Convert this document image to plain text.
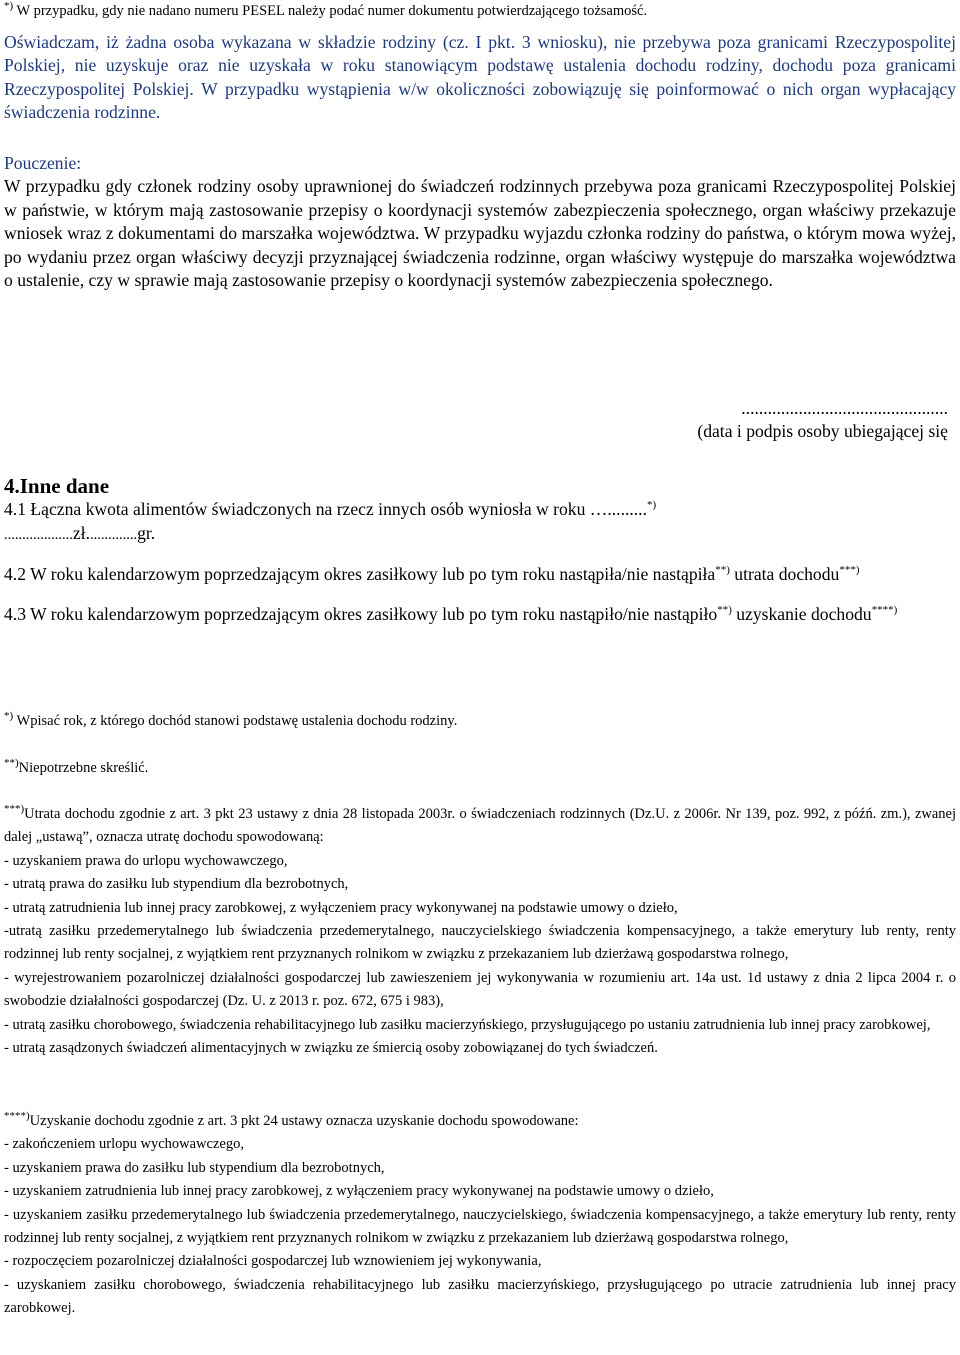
*) W przypadku, gdy nie nadano numeru PESEL należy podać numer dokumentu potwierdzającego tożsamość.
Oświadczam, iż żadna osoba wykazana w składzie rodziny (cz. I pkt. 3 wniosku), nie przebywa poza granicami Rzeczypospolitej Polskiej, nie uzyskuje oraz nie uzyskała w roku stanowiącym podstawę ustalenia dochodu rodziny, dochodu poza granicami Rzeczypospolitej Polskiej. W przypadku wystąpienia w/w okoliczności zobowiązuję się poinformować o nich organ wypłacający świadczenia rodzinne.
Pouczenie:
W przypadku gdy członek rodziny osoby uprawnionej do świadczeń rodzinnych przebywa poza granicami Rzeczypospolitej Polskiej w państwie, w którym mają zastosowanie przepisy o koordynacji systemów zabezpieczenia społecznego, organ właściwy przekazuje wniosek wraz z dokumentami do marszałka województwa. W przypadku wyjazdu członka rodziny do państwa, o którym mowa wyżej, po wydaniu przez organ właściwy decyzji przyznającej świadczenia rodzinne, organ właściwy występuje do marszałka województwa o ustalenie, czy w sprawie mają zastosowanie przepisy o koordynacji systemów zabezpieczenia społecznego.
...............................................
(data i podpis osoby ubiegającej się
4.Inne dane
4.1 Łączna kwota alimentów świadczonych na rzecz innych osób wyniosła w roku ….........*)
...................zł..............gr.
4.2 W roku kalendarzowym poprzedzającym okres zasiłkowy lub po tym roku nastąpiła/nie nastąpiła**) utrata dochodu***)
4.3 W roku kalendarzowym poprzedzającym okres zasiłkowy lub po tym roku nastąpiło/nie nastąpiło**) uzyskanie dochodu****)
*) Wpisać rok, z którego dochód stanowi podstawę ustalenia dochodu rodziny.
**)Niepotrzebne skreślić.
***)Utrata dochodu zgodnie z art. 3 pkt 23 ustawy z dnia 28 listopada 2003r. o świadczeniach rodzinnych (Dz.U. z 2006r. Nr 139, poz. 992, z późń. zm.), zwanej dalej „ustawą”, oznacza utratę dochodu spowodowaną:
- uzyskaniem prawa do urlopu wychowawczego,
- utratą prawa do zasiłku lub stypendium dla bezrobotnych,
- utratą zatrudnienia lub innej pracy zarobkowej, z wyłączeniem pracy wykonywanej na podstawie umowy o dzieło,
-utratą zasiłku przedemerytalnego lub świadczenia przedemerytalnego, nauczycielskiego świadczenia kompensacyjnego, a także emerytury lub renty, renty rodzinnej lub renty socjalnej, z wyjątkiem rent przyznanych rolnikom w związku z przekazaniem lub dzierżawą gospodarstwa rolnego,
- wyrejestrowaniem pozarolniczej działalności gospodarczej lub zawieszeniem jej wykonywania w rozumieniu art. 14a ust. 1d ustawy z dnia 2 lipca 2004 r. o swobodzie działalności gospodarczej (Dz. U. z 2013 r. poz. 672, 675 i 983),
- utratą zasiłku chorobowego, świadczenia rehabilitacyjnego lub zasiłku macierzyńskiego, przysługującego po ustaniu zatrudnienia lub innej pracy zarobkowej,
- utratą zasądzonych świadczeń alimentacyjnych w związku ze śmiercią osoby zobowiązanej do tych świadczeń.
****)Uzyskanie dochodu zgodnie z art. 3 pkt 24 ustawy oznacza uzyskanie dochodu spowodowane:
- zakończeniem urlopu wychowawczego,
- uzyskaniem prawa do zasiłku lub stypendium dla bezrobotnych,
- uzyskaniem zatrudnienia lub innej pracy zarobkowej, z wyłączeniem pracy wykonywanej na podstawie umowy o dzieło,
- uzyskaniem zasiłku przedemerytalnego lub świadczenia przedemerytalnego, nauczycielskiego, świadczenia kompensacyjnego, a także emerytury lub renty, renty rodzinnej lub renty socjalnej, z wyjątkiem rent przyznanych rolnikom w związku z przekazaniem lub dzierżawą gospodarstwa rolnego,
- rozpoczęciem pozarolniczej działalności gospodarczej lub wznowieniem jej wykonywania,
- uzyskaniem zasiłku chorobowego, świadczenia rehabilitacyjnego lub zasiłku macierzyńskiego, przysługującego po utracie zatrudnienia lub innej pracy zarobkowej.
